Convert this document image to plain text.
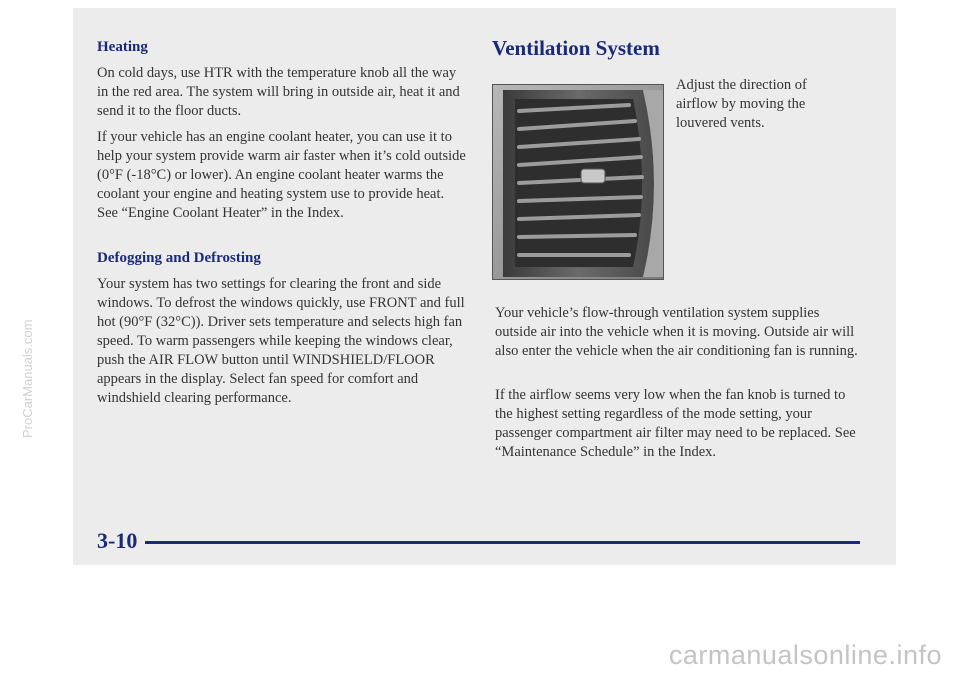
Heating

On cold days, use HTR with the temperature knob all the way in the red area. The system will bring in outside air, heat it and send it to the floor ducts.

If your vehicle has an engine coolant heater, you can use it to help your system provide warm air faster when it’s cold outside (0°F (-18°C) or lower). An engine coolant heater warms the coolant your engine and heating system use to provide heat. See “Engine Coolant Heater” in the Index.

Defogging and Defrosting

Your system has two settings for clearing the front and side windows. To defrost the windows quickly, use FRONT and full hot (90°F (32°C)). Driver sets temperature and selects high fan speed. To warm passengers while keeping the windows clear, push the AIR FLOW button until WINDSHIELD/FLOOR appears in the display. Select fan speed for comfort and windshield clearing performance.

Ventilation System

Adjust the direction of airflow by moving the louvered vents.

Your vehicle’s flow-through ventilation system supplies outside air into the vehicle when it is moving. Outside air will also enter the vehicle when the air conditioning fan is running.

If the airflow seems very low when the fan knob is turned to the highest setting regardless of the mode setting, your passenger compartment air filter may need to be replaced. See “Maintenance Schedule” in the Index.

3-10

ProCarManuals.com
carmanualsonline.info
